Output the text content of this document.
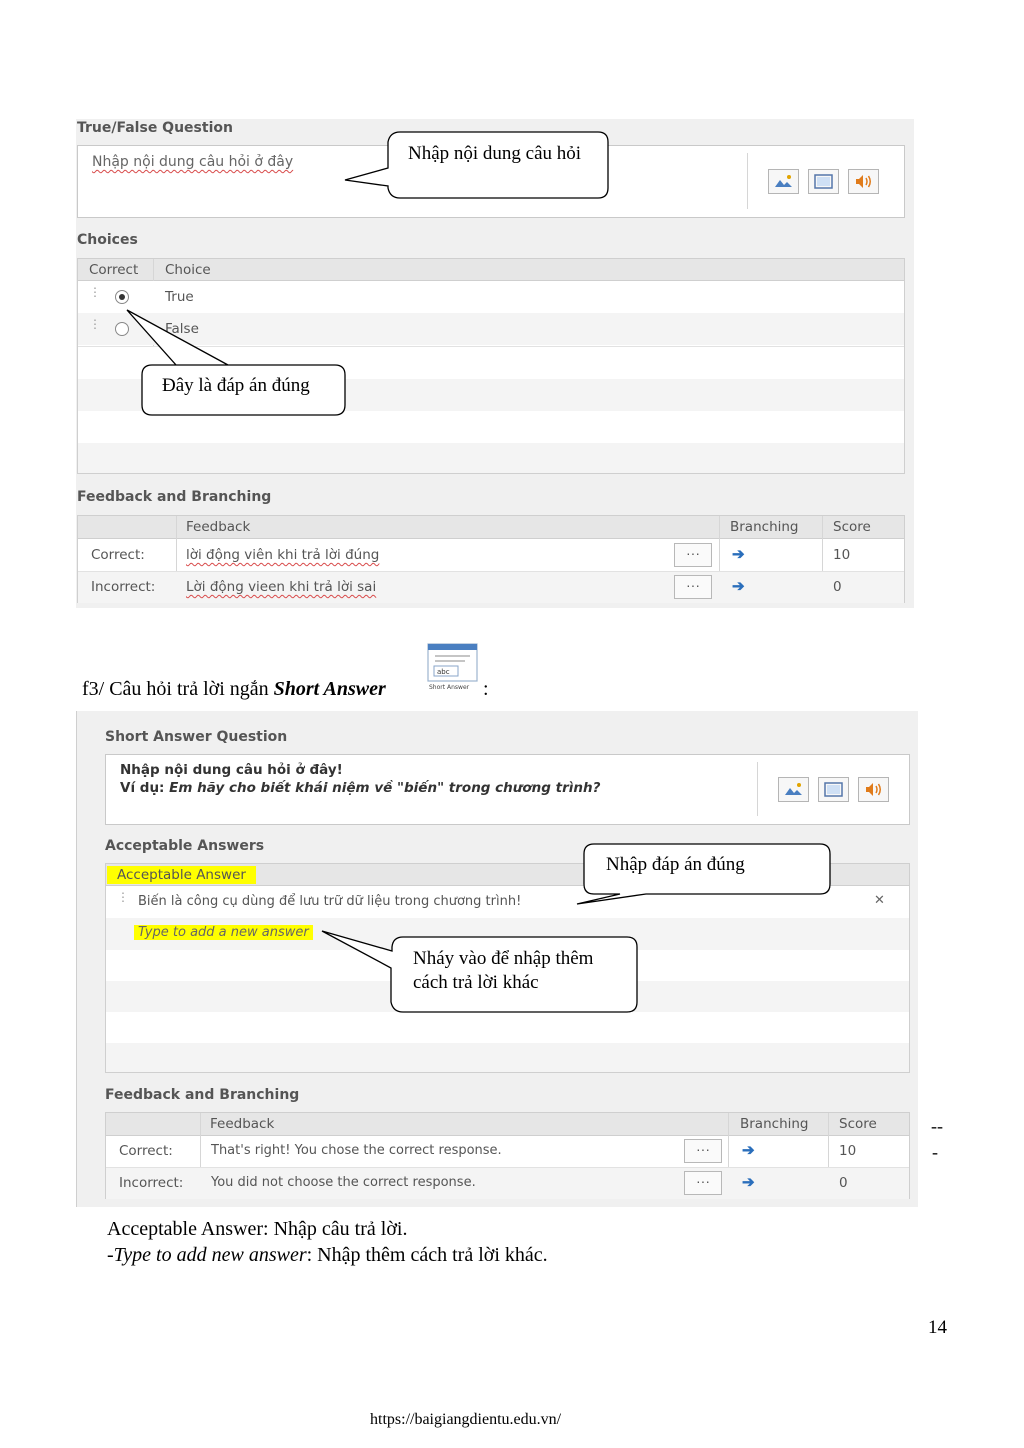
True/False Question
Nhập nội dung câu hỏi ở đây
Choices
Correct Choice
⋮	True
⋮	False
Feedback and Branching
Feedback	Branching	Score
Correct:	lời động viên khi trả lời đúng	···	➔	10
Incorrect: Lời động vieen khi trả lời sai	···	➔	0
Nhập nội dung câu hỏi
Đây là đáp án đúng
f3/ Câu hỏi trả lời ngắn Short Answer
abc
Short Answer :
Short Answer Question
Nhập nội dung câu hỏi ở đây!
Ví dụ: Em hãy cho biết khái niệm về "biến" trong chương trình?
Acceptable Answers
Acceptable Answer
⋮ Biến là công cụ dùng để lưu trữ dữ liệu trong chương trình!	✕
Type to add a new answer
Feedback and Branching
Feedback	Branching Score
Correct:	That's right! You chose the correct response.	···	➔	10
Incorrect: You did not choose the correct response.	···	➔	0
Nhập đáp án đúng
Nháy vào để nhập thêm cách trả lời khác
--
-
Acceptable Answer: Nhập câu trả lời.
-Type to add new answer: Nhập thêm cách trả lời khác.
14
https://baigiangdientu.edu.vn/
